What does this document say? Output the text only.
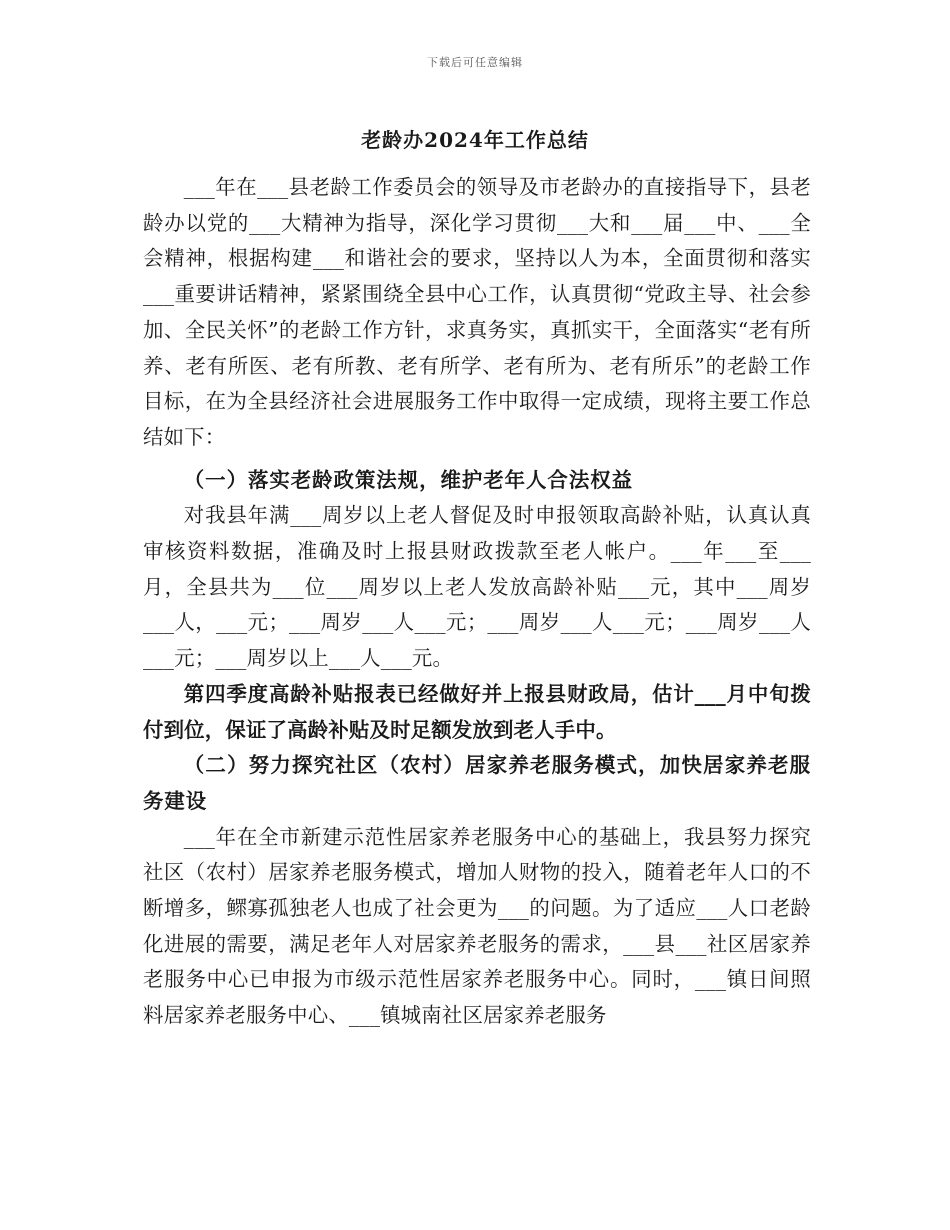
下载后可任意编辑
老龄办2024年工作总结

___年在___县老龄工作委员会的领导及市老龄办的直接指导下，县老龄办以党的___大精神为指导，深化学习贯彻___大和___届___中、___全会精神，根据构建___和谐社会的要求，坚持以人为本，全面贯彻和落实___重要讲话精神，紧紧围绕全县中心工作，认真贯彻“党政主导、社会参加、全民关怀”的老龄工作方针，求真务实，真抓实干，全面落实“老有所养、老有所医、老有所教、老有所学、老有所为、老有所乐”的老龄工作目标，在为全县经济社会进展服务工作中取得一定成绩，现将主要工作总结如下：

（一）落实老龄政策法规，维护老年人合法权益

对我县年满___周岁以上老人督促及时申报领取高龄补贴，认真认真审核资料数据，准确及时上报县财政拨款至老人帐户。___年___至___月，全县共为___位___周岁以上老人发放高龄补贴___元，其中___周岁___人，___元；___周岁___人___元；___周岁___人___元；___周岁___人___元；___周岁以上___人___元。

第四季度高龄补贴报表已经做好并上报县财政局，估计___月中旬拨付到位，保证了高龄补贴及时足额发放到老人手中。

（二）努力探究社区（农村）居家养老服务模式，加快居家养老服务建设

___年在全市新建示范性居家养老服务中心的基础上，我县努力探究社区（农村）居家养老服务模式，增加人财物的投入，随着老年人口的不断增多，鳏寡孤独老人也成了社会更为___的问题。为了适应___人口老龄化进展的需要，满足老年人对居家养老服务的需求，___县___社区居家养老服务中心已申报为市级示范性居家养老服务中心。同时，___镇日间照料居家养老服务中心、___镇城南社区居家养老服务
